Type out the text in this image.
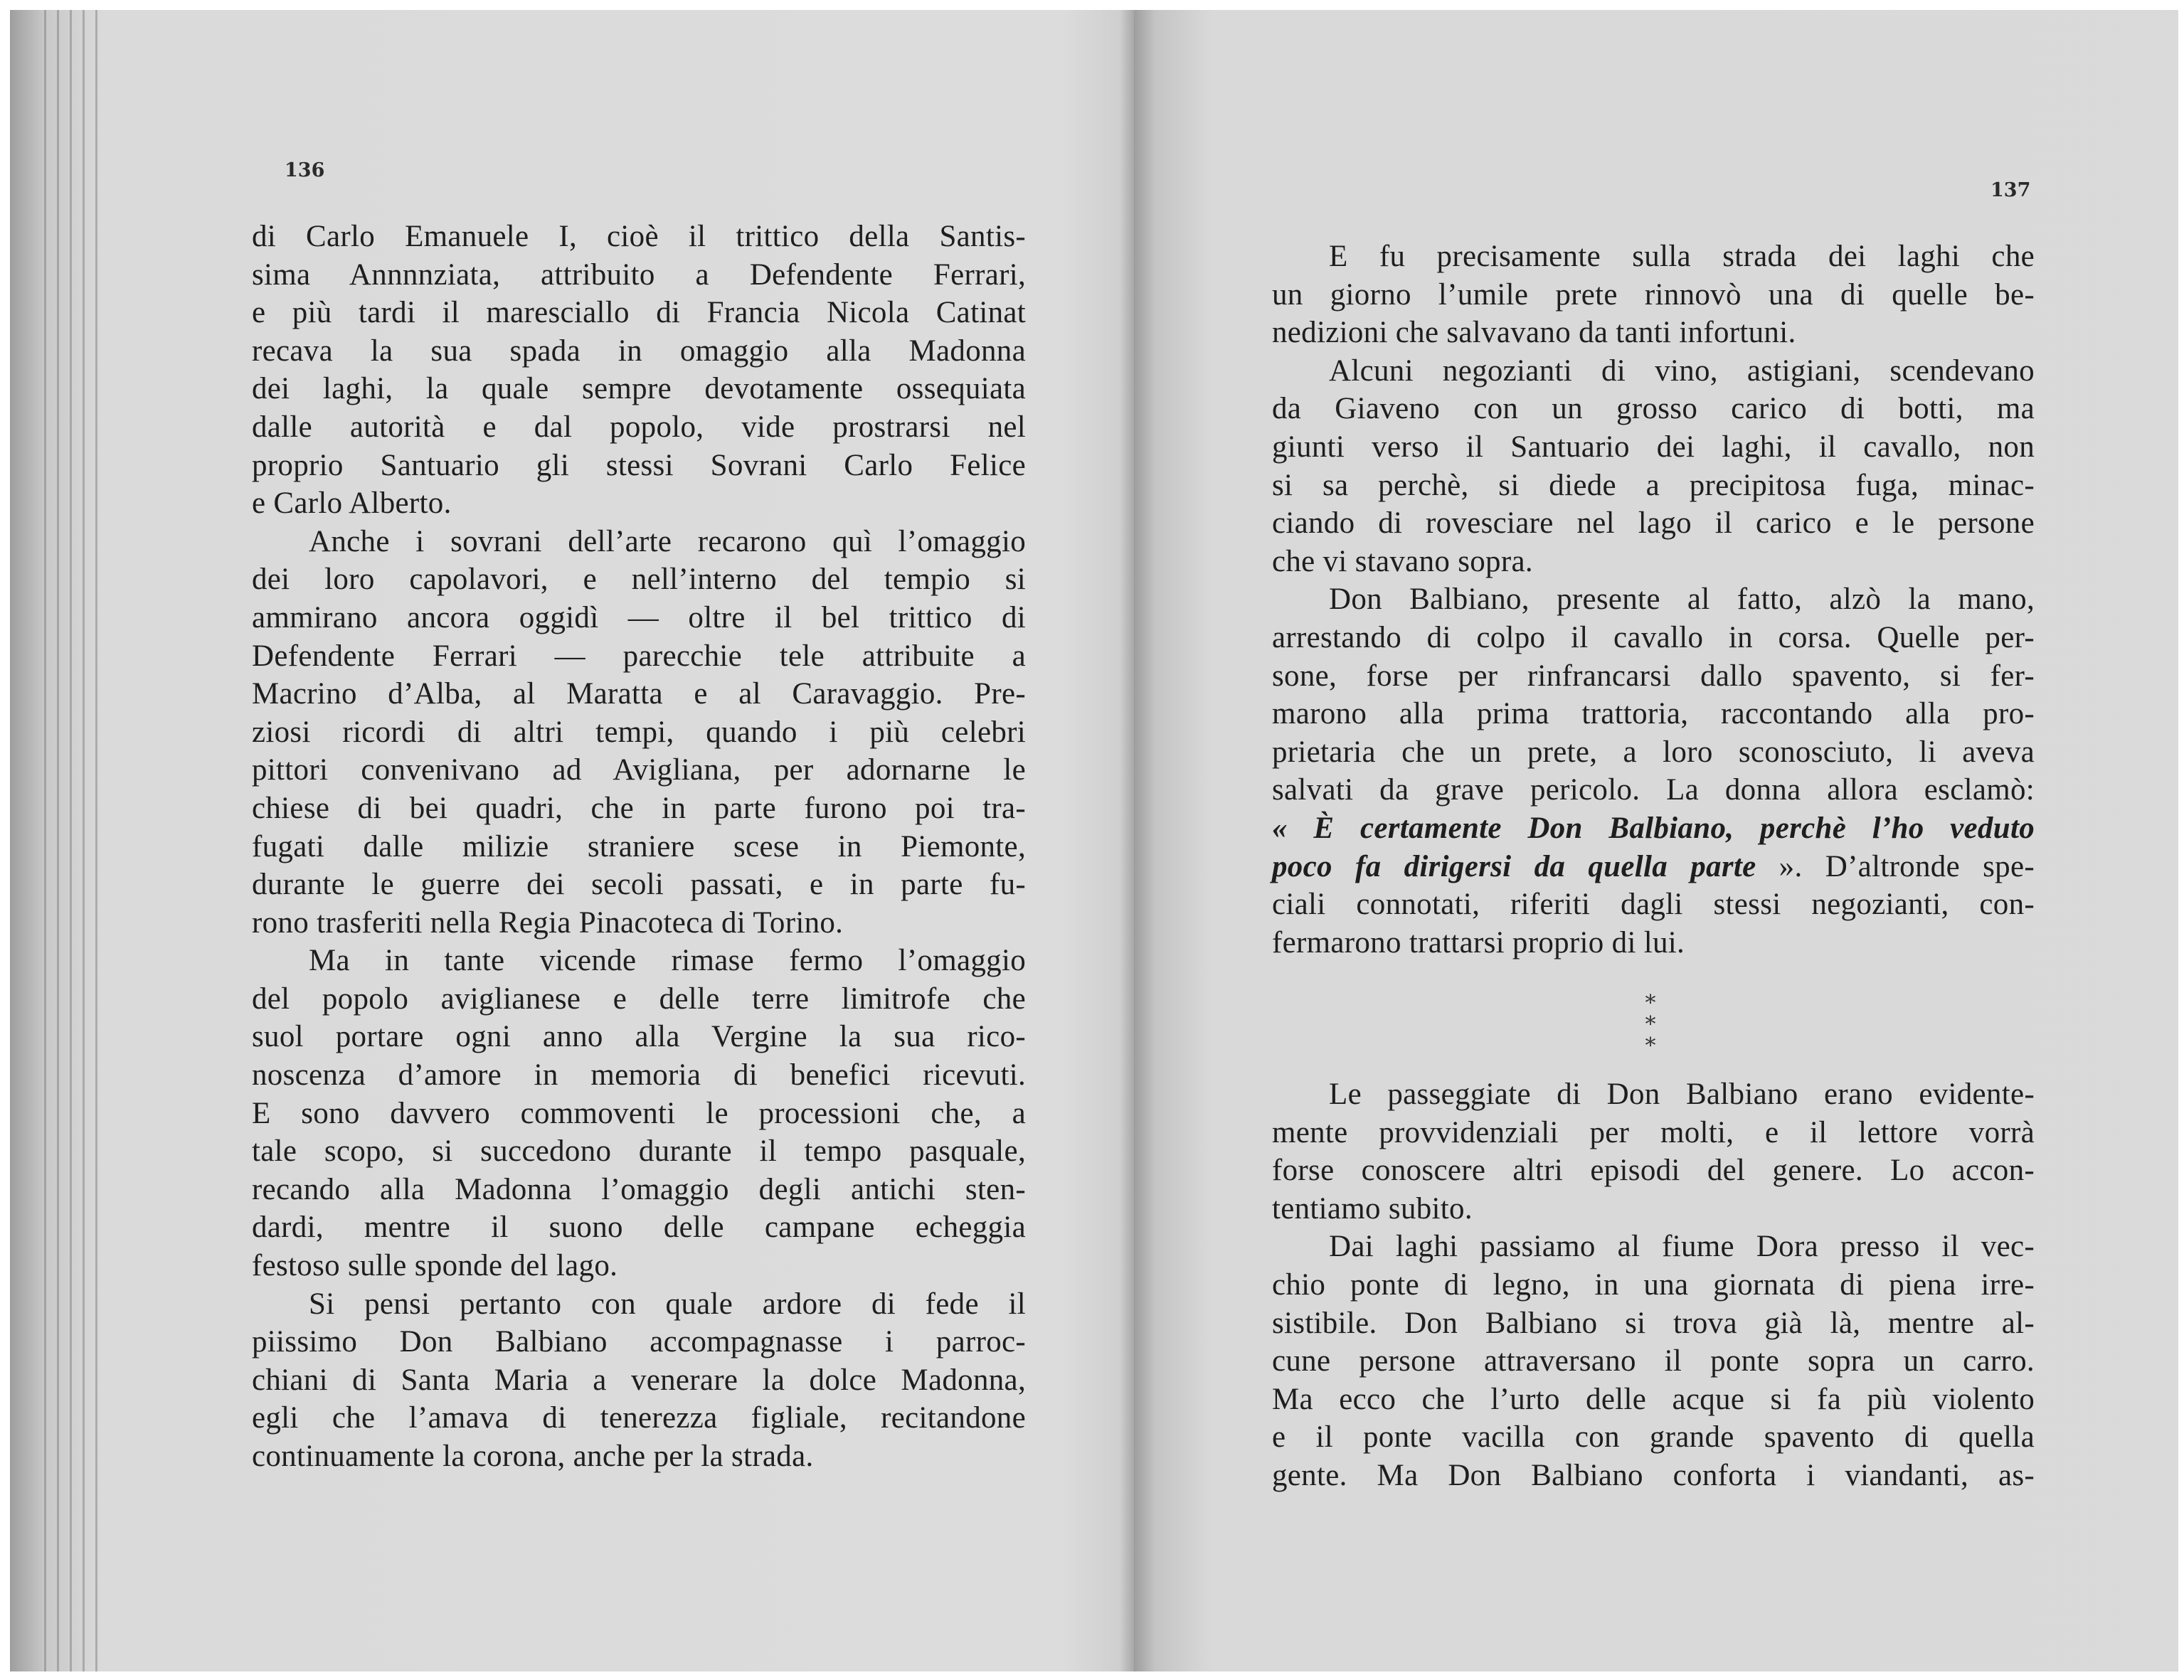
136
di Carlo Emanuele I, cioè il trittico della Santis-
sima Annnnziata, attribuito a Defendente Ferrari,
e più tardi il maresciallo di Francia Nicola Catinat
recava la sua spada in omaggio alla Madonna
dei laghi, la quale sempre devotamente ossequiata
dalle autorità e dal popolo, vide prostrarsi nel
proprio Santuario gli stessi Sovrani Carlo Felice
e Carlo Alberto.
Anche i sovrani dell’arte recarono quì l’omaggio
dei loro capolavori, e nell’interno del tempio si
ammirano ancora oggidì — oltre il bel trittico di
Defendente Ferrari — parecchie tele attribuite a
Macrino d’Alba, al Maratta e al Caravaggio. Pre-
ziosi ricordi di altri tempi, quando i più celebri
pittori convenivano ad Avigliana, per adornarne le
chiese di bei quadri, che in parte furono poi tra-
fugati dalle milizie straniere scese in Piemonte,
durante le guerre dei secoli passati, e in parte fu-
rono trasferiti nella Regia Pinacoteca di Torino.
Ma in tante vicende rimase fermo l’omaggio
del popolo aviglianese e delle terre limitrofe che
suol portare ogni anno alla Vergine la sua rico-
noscenza d’amore in memoria di benefici ricevuti.
E sono davvero commoventi le processioni che, a
tale scopo, si succedono durante il tempo pasquale,
recando alla Madonna l’omaggio degli antichi sten-
dardi, mentre il suono delle campane echeggia
festoso sulle sponde del lago.
Si pensi pertanto con quale ardore di fede il
piissimo Don Balbiano accompagnasse i parroc-
chiani di Santa Maria a venerare la dolce Madonna,
egli che l’amava di tenerezza figliale, recitandone
continuamente la corona, anche per la strada.
137
E fu precisamente sulla strada dei laghi che
un giorno l’umile prete rinnovò una di quelle be-
nedizioni che salvavano da tanti infortuni.
Alcuni negozianti di vino, astigiani, scendevano
da Giaveno con un grosso carico di botti, ma
giunti verso il Santuario dei laghi, il cavallo, non
si sa perchè, si diede a precipitosa fuga, minac-
ciando di rovesciare nel lago il carico e le persone
che vi stavano sopra.
Don Balbiano, presente al fatto, alzò la mano,
arrestando di colpo il cavallo in corsa. Quelle per-
sone, forse per rinfrancarsi dallo spavento, si fer-
marono alla prima trattoria, raccontando alla pro-
prietaria che un prete, a loro sconosciuto, li aveva
salvati da grave pericolo. La donna allora esclamò:
« È certamente Don Balbiano, perchè l’ho veduto
poco fa dirigersi da quella parte ». D’altronde spe-
ciali connotati, riferiti dagli stessi negozianti, con-
fermarono trattarsi proprio di lui.
*
* *
Le passeggiate di Don Balbiano erano evidente-
mente provvidenziali per molti, e il lettore vorrà
forse conoscere altri episodi del genere. Lo accon-
tentiamo subito.
Dai laghi passiamo al fiume Dora presso il vec-
chio ponte di legno, in una giornata di piena irre-
sistibile. Don Balbiano si trova già là, mentre al-
cune persone attraversano il ponte sopra un carro.
Ma ecco che l’urto delle acque si fa più violento
e il ponte vacilla con grande spavento di quella
gente. Ma Don Balbiano conforta i viandanti, as-
